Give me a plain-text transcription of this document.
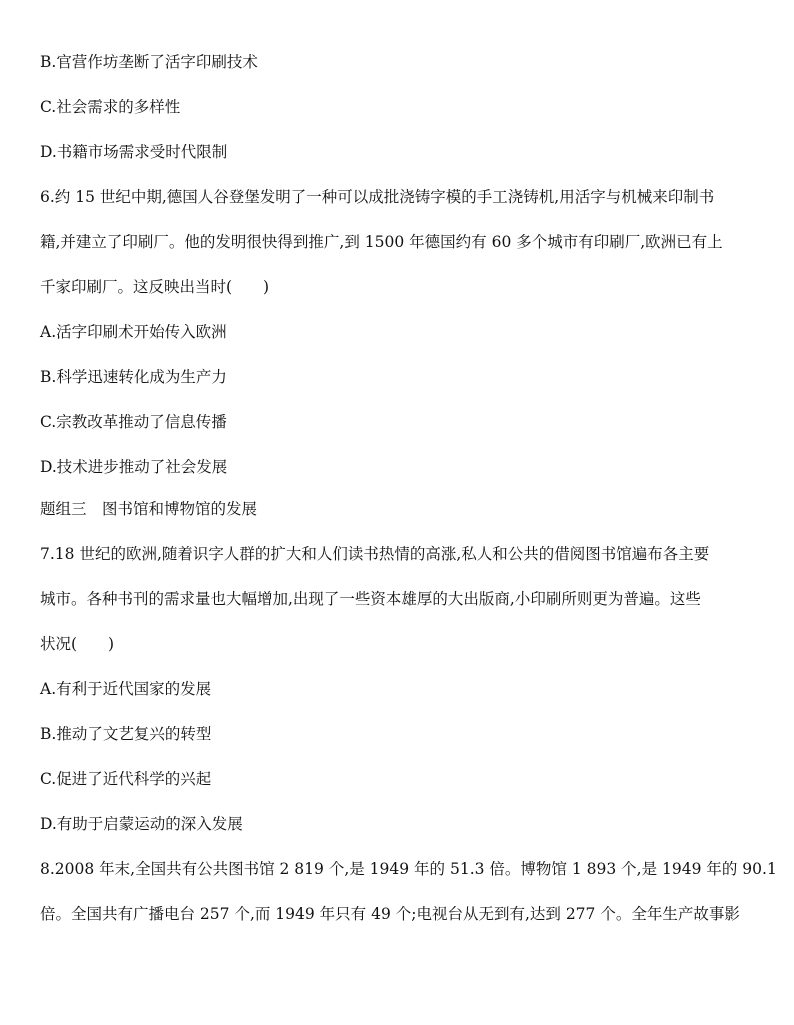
B.官营作坊垄断了活字印刷技术
C.社会需求的多样性
D.书籍市场需求受时代限制
6.约 15 世纪中期,德国人谷登堡发明了一种可以成批浇铸字模的手工浇铸机,用活字与机械来印制书
籍,并建立了印刷厂。他的发明很快得到推广,到 1500 年德国约有 60 多个城市有印刷厂,欧洲已有上
千家印刷厂。这反映出当时(　　)
A.活字印刷术开始传入欧洲
B.科学迅速转化成为生产力
C.宗教改革推动了信息传播
D.技术进步推动了社会发展
题组三　图书馆和博物馆的发展
7.18 世纪的欧洲,随着识字人群的扩大和人们读书热情的高涨,私人和公共的借阅图书馆遍布各主要
城市。各种书刊的需求量也大幅增加,出现了一些资本雄厚的大出版商,小印刷所则更为普遍。这些
状况(　　)
A.有利于近代国家的发展
B.推动了文艺复兴的转型
C.促进了近代科学的兴起
D.有助于启蒙运动的深入发展
8.2008 年末,全国共有公共图书馆 2 819 个,是 1949 年的 51.3 倍。博物馆 1 893 个,是 1949 年的 90.1
倍。全国共有广播电台 257 个,而 1949 年只有 49 个;电视台从无到有,达到 277 个。全年生产故事影
